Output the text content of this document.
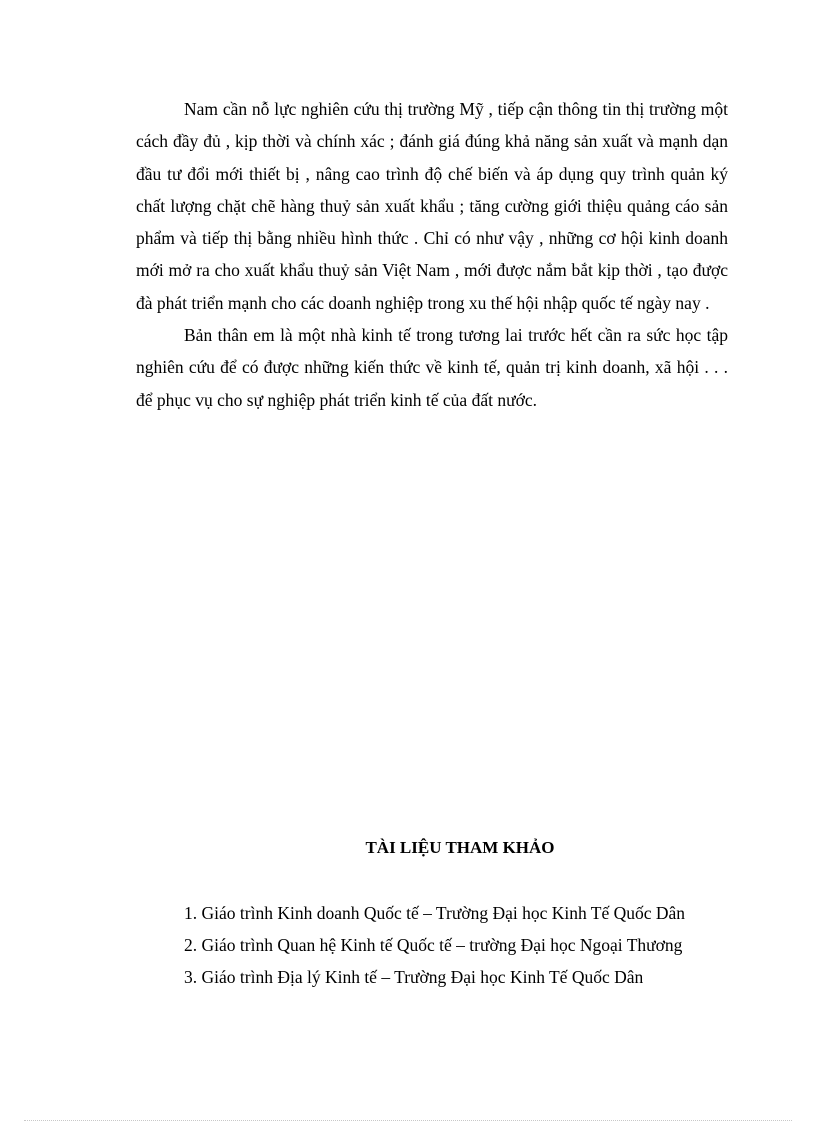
Nam cần nỗ lực nghiên cứu thị trường Mỹ , tiếp cận thông tin thị trường một cách đầy đủ , kịp thời và chính xác ; đánh giá đúng khả năng sản xuất và mạnh dạn đầu tư đổi mới thiết bị , nâng cao trình độ chế biến và áp dụng quy trình quản ký chất lượng chặt chẽ hàng thuỷ sản xuất khẩu ; tăng cường giới thiệu quảng cáo sản phẩm và tiếp thị bằng nhiều hình thức . Chỉ có như vậy , những cơ hội kinh doanh mới mở ra cho xuất khẩu thuỷ sản Việt Nam , mới được nắm bắt kịp thời , tạo được đà phát triển mạnh cho các doanh nghiệp trong xu thế hội nhập quốc tế ngày nay .

Bản thân em là một nhà kinh tế trong tương lai trước hết cần ra sức học tập nghiên cứu để có được những kiến thức về kinh tế, quản trị kinh doanh, xã hội . . . để phục vụ cho sự nghiệp phát triển kinh tế của đất nước.

TÀI LIỆU THAM KHẢO
1. Giáo trình Kinh doanh Quốc tế – Trường Đại học Kinh Tế Quốc Dân
2. Giáo trình Quan hệ Kinh tế Quốc tế – trường Đại học Ngoại Thương
3. Giáo trình Địa lý Kinh tế – Trường Đại học Kinh Tế Quốc Dân
